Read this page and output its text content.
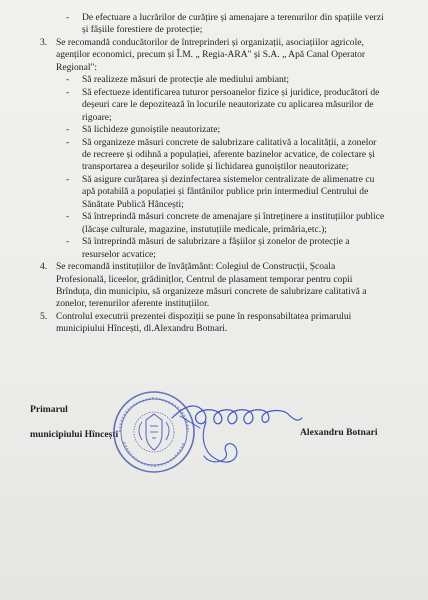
- De efectuare a lucrărilor de curățire și amenajare a terenurilor din spațiile verzi
și fâșiile forestiere de protecție;
3. Se recomandă conducătorilor de întreprinderi și organizații, asociațiilor agricole,
agenților economici, precum și Î.M. „ Regia-ARA" și S.A. „ Apă Canal Operator
Regional":
- Să realizeze măsuri de protecție ale mediului ambiant;
- Să efectueze identificarea tuturor persoanelor fizice și juridice, producători de
deșeuri care le depozitează în locurile neautorizate cu aplicarea măsurilor de
rigoare;
- Să lichideze gunoiștile neautorizate;
- Să organizeze măsuri concrete de salubrizare calitativă a localității, a zonelor
de recreere și odihnă a populației, aferente bazinelor acvatice, de colectare și
transportarea a deșeurilor solide și lichidarea gunoiștilor neautorizate;
- Să asigure curățarea și dezinfectarea sistemelor centralizate de alimenatre cu
apă potabilă a populației și fântânilor publice prin intermediul Centrului de
Sănătate Publică Hâncești;
- Să întreprindă măsuri concrete de amenajare și întreținere a instituțiilor publice
(lăcașe culturale, magazine, instutuțiile medicale, primăria,etc.);
- Să întreprindă măsuri de salubrizare a fâșiilor și zonelor de protecție a
resurselor acvatice;
4. Se recomandă instituțiilor de învățământ: Colegiul de Construcții, Școala
Profesională, liceelor, grădinițlor, Centrul de plasament temporar pentru copii
Brînduța, din municipiu, să organizeze măsuri concrete de salubrizare calitativă a
zonelor, terenurilor aferente instituțiilor.
5. Controlul executrii prezentei dispoziții se pune în responsabiltatea primarului
municipiului Hîncești, dl.Alexandru Botnari.
Primarul
municipiului Hîncești	Alexandru Botnari
